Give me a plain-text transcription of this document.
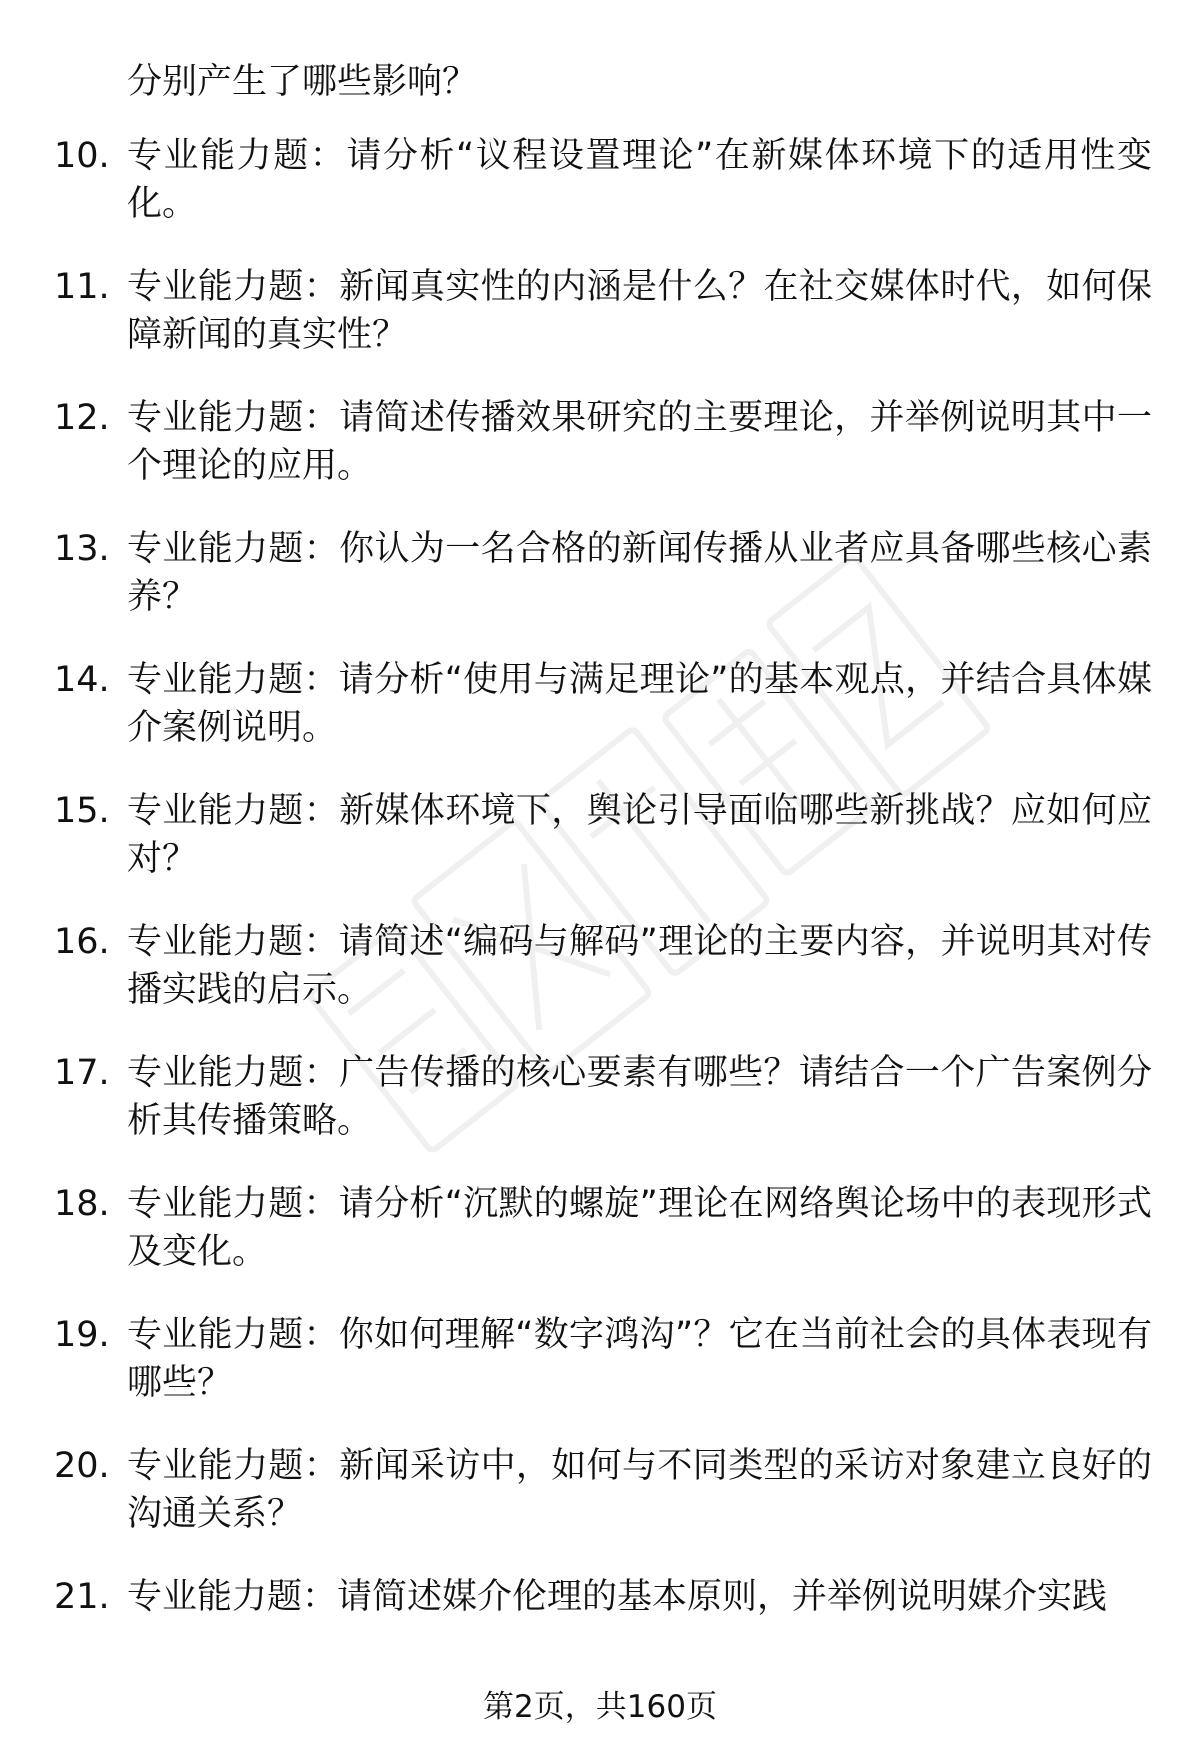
分别产生了哪些影响？
10. 专业能力题：请分析“议程设置理论”在新媒体环境下的适用性变化。
11. 专业能力题：新闻真实性的内涵是什么？在社交媒体时代，如何保障新闻的真实性？
12. 专业能力题：请简述传播效果研究的主要理论，并举例说明其中一个理论的应用。
13. 专业能力题：你认为一名合格的新闻传播从业者应具备哪些核心素养？
14. 专业能力题：请分析“使用与满足理论”的基本观点，并结合具体媒介案例说明。
15. 专业能力题：新媒体环境下，舆论引导面临哪些新挑战？应如何应对？
16. 专业能力题：请简述“编码与解码”理论的主要内容，并说明其对传播实践的启示。
17. 专业能力题：广告传播的核心要素有哪些？请结合一个广告案例分析其传播策略。
18. 专业能力题：请分析“沉默的螺旋”理论在网络舆论场中的表现形式及变化。
19. 专业能力题：你如何理解“数字鸿沟”？它在当前社会的具体表现有哪些？
20. 专业能力题：新闻采访中，如何与不同类型的采访对象建立良好的沟通关系？
21. 专业能力题：请简述媒介伦理的基本原则，并举例说明媒介实践
第2页，共160页
